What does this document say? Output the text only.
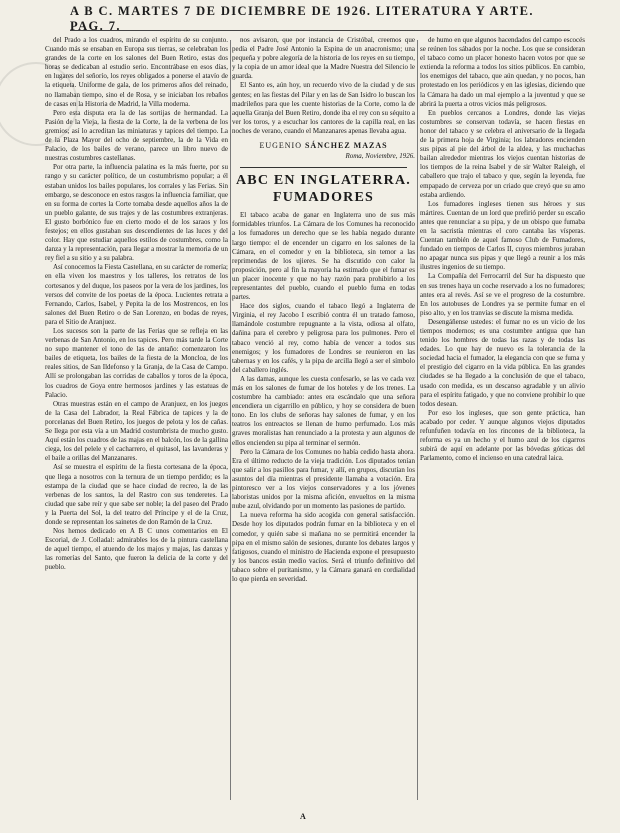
A B C. MARTES 7 DE DICIEMBRE DE 1926. LITERATURA Y ARTE. PAG. 7.

del Prado a los cuadros, mirando el espíritu de su conjunto. Cuando más se ensaban en Europa sus tierras, se celebraban los grandes de la corte en los salones del Buen Retiro, estas dos horas se dedicaban al estudio serio. Encontrábase en esos días, en lugares del señorío, los reyes obligados a ponerse el atavío de la etiqueta. Uniforme de gala, de los primeros años del reinado, no llamaban tiempo, sino el de Rosa, y se iniciaban los rebaños de casas en la Historia de Madrid, la Villa moderna.

Pero esta disputa era la de las sortijas de hermandad. La Pasión de la Vieja, la fiesta de la Corte, la de la verbena de los gremios; así lo acreditan las miniaturas y tapices del tiempo. La de la Plaza Mayor del ocho de septiembre, la de la Vida en Palacio, de los bailes de verano, parece un libro nuevo de nuestras costumbres castellanas.

Por otra parte, la influencia palatina es la más fuerte, por su rango y su carácter político, de un costumbrismo popular; a él estaban unidos los bailes populares, los corrales y las Ferias. Sin embargo, se desconoce en estos rasgos la influencia familiar, que en su forma de cortes la Corte tomaba desde aquellos años la de un pueblo galante, de sus trajes y de las costumbres extranjeras. El gusto borbónico fue en cierto modo el de los saraos y los festejos; en ellos gustaban sus descendientes de las luces y del color. Hay que estudiar aquellos estilos de costumbres, como la danza y la representación, para llegar a mostrar la memoria de un rey fiel a su sitio y a su palabra.

Así conocemos la Fiesta Castellana, en su carácter de romería; en ella viven los maestros y los talleres, los retratos de los cortesanos y del duque, los paseos por la vera de los jardines, los versos del convite de los poetas de la época. Lucientes retrata a Fernando, Carlos, Isabel, y Pepita la de los Mostrencos, en los salones del Buen Retiro o de San Lorenzo, en bodas de reyes, para el Sitio de Aranjuez.

Los sucesos son la parte de las Ferias que se refleja en las verbenas de San Antonio, en los tapices. Pero más tarde la Corte no supo mantener el tono de las de antaño: comenzaron los bailes de etiqueta, los bailes de la fiesta de la Moncloa, de los reales sitios, de San Ildefonso y la Granja, de la Casa de Campo. Allí se prolongaban las corridas de caballos y toros de la época, los cuadros de Goya entre hermosos jardines y las estatuas de Palacio.

Otras muestras están en el campo de Aranjuez, en los juegos de la Casa del Labrador, la Real Fábrica de tapices y la de porcelanas del Buen Retiro, los juegos de pelota y los de cañas. Se llega por esta vía a un Madrid costumbrista de mucho gusto. Aquí están los cuadros de las majas en el balcón, los de la gallina ciega, los del pelele y el cacharrero, el quitasol, las lavanderas y el baile a orillas del Manzanares.

Así se muestra el espíritu de la fiesta cortesana de la época, que llega a nosotros con la ternura de un tiempo perdido; es la estampa de la ciudad que se hace ciudad de recreo, la de las verbenas de los santos, la del Rastro con sus tenderetes. La ciudad que sabe reír y que sabe ser noble; la del paseo del Prado y la Puerta del Sol, la del teatro del Príncipe y el de la Cruz, donde se representan los sainetes de don Ramón de la Cruz.

Nos hemos dedicado en A B C unos comentarios en El Escorial, de J. Colladal: admirables los de la pintura castellana de aquel tiempo, el atuendo de los majos y majas, las danzas y las romerías del Santo, que fueron la delicia de la corte y del pueblo.

nos avisaron, que por instancia de Cristóbal, creemos que pedía el Padre José Antonio la Espina de un anacronismo; una pequeña y pobre alegoría de la historia de los reyes en su tiempo, y la copia de un amor ideal que la Madre Nuestra del Silencio le guarda.

El Santo es, aún hoy, un recuerdo vivo de la ciudad y de sus gentes; en las fiestas del Pilar y en las de San Isidro lo buscan los madrileños para que les cuente historias de la Corte, como la de aquella Granja del Buen Retiro, donde iba el rey con su séquito a ver los toros, y a escuchar los cantores de la capilla real, en las noches de verano, cuando el Manzanares apenas llevaba agua.

EUGENIO SÁNCHEZ MAZAS
Roma, Noviembre, 1926.
ABC EN INGLATERRA. FUMADORES

El tabaco acaba de ganar en Inglaterra uno de sus más formidables triunfos. La Cámara de los Comunes ha reconocido a los fumadores un derecho que se les había negado durante largo tiempo: el de encender un cigarro en los salones de la Cámara, en el comedor y en la biblioteca, sin temor a las reprimendas de los ujieres. Se ha discutido con calor la proposición, pero al fin la mayoría ha estimado que el fumar es un placer inocente y que no hay razón para prohibirlo a los representantes del pueblo, cuando el pueblo fuma en todas partes.

Hace dos siglos, cuando el tabaco llegó a Inglaterra de Virginia, el rey Jacobo I escribió contra él un tratado famoso, llamándole costumbre repugnante a la vista, odiosa al olfato, dañina para el cerebro y peligrosa para los pulmones. Pero el tabaco venció al rey, como había de vencer a todos sus enemigos; y los fumadores de Londres se reunieron en las tabernas y en los cafés, y la pipa de arcilla llegó a ser el símbolo del caballero inglés.

A las damas, aunque les cuesta confesarlo, se las ve cada vez más en los salones de fumar de los hoteles y de los trenes. La costumbre ha cambiado: antes era escándalo que una señora encendiera un cigarrillo en público, y hoy se considera de buen tono. En los clubs de señoras hay salones de fumar, y en los teatros los entreactos se llenan de humo perfumado. Los más graves moralistas han renunciado a la protesta y aun algunos de ellos encienden su pipa al terminar el sermón.

Pero la Cámara de los Comunes no había cedido hasta ahora. Era el último reducto de la vieja tradición. Los diputados tenían que salir a los pasillos para fumar, y allí, en grupos, discutían los asuntos del día mientras el presidente llamaba a votación. Era pintoresco ver a los viejos conservadores y a los jóvenes laboristas unidos por la misma afición, envueltos en la misma nube azul, olvidando por un momento las pasiones de partido.

La nueva reforma ha sido acogida con general satisfacción. Desde hoy los diputados podrán fumar en la biblioteca y en el comedor, y quién sabe si mañana no se permitirá encender la pipa en el mismo salón de sesiones, durante los debates largos y fatigosos, cuando el ministro de Hacienda expone el presupuesto y los bancos están medio vacíos. Será el triunfo definitivo del tabaco sobre el puritanismo, y la Cámara ganará en cordialidad lo que pierda en severidad.

de humo en que algunos hacendados del campo escocés se reúnen los sábados por la noche. Los que se consideran el tabaco como un placer honesto hacen votos por que se extienda la reforma a todos los sitios públicos. En cambio, los enemigos del tabaco, que aún quedan, y no pocos, han protestado en los periódicos y en las iglesias, diciendo que la Cámara ha dado un mal ejemplo a la juventud y que se abrirá la puerta a otros vicios más peligrosos.

En pueblos cercanos a Londres, donde las viejas costumbres se conservan todavía, se hacen fiestas en honor del tabaco y se celebra el aniversario de la llegada de la primera hoja de Virginia; los labradores encienden sus pipas al pie del árbol de la aldea, y las muchachas bailan alrededor mientras los viejos cuentan historias de los tiempos de la reina Isabel y de sir Walter Raleigh, el caballero que trajo el tabaco y que, según la leyenda, fue empapado de cerveza por un criado que creyó que su amo estaba ardiendo.

Los fumadores ingleses tienen sus héroes y sus mártires. Cuentan de un lord que prefirió perder su escaño antes que renunciar a su pipa, y de un obispo que fumaba en la sacristía mientras el coro cantaba las vísperas. Cuentan también de aquel famoso Club de Fumadores, fundado en tiempos de Carlos II, cuyos miembros juraban no apagar nunca sus pipas y que llegó a reunir a los más ilustres ingenios de su tiempo.

La Compañía del Ferrocarril del Sur ha dispuesto que en sus trenes haya un coche reservado a los no fumadores; antes era al revés. Así se ve el progreso de la costumbre. En los autobuses de Londres ya se permite fumar en el piso alto, y en los tranvías se discute la misma medida.

Desengáñense ustedes: el fumar no es un vicio de los tiempos modernos; es una costumbre antigua que han tenido los hombres de todas las razas y de todas las edades. Lo que hay de nuevo es la tolerancia de la sociedad hacia el fumador, la elegancia con que se fuma y el prestigio del cigarro en la vida pública. En las grandes ciudades se ha llegado a la conclusión de que el tabaco, usado con medida, es un descanso agradable y un alivio para el espíritu fatigado, y que no conviene prohibir lo que todos desean.

Por eso los ingleses, que son gente práctica, han acabado por ceder. Y aunque algunos viejos diputados refunfuñen todavía en los rincones de la biblioteca, la reforma es ya un hecho y el humo azul de los cigarros subirá de aquí en adelante por las bóvedas góticas del Parlamento, como el incienso en una catedral laica.

A
